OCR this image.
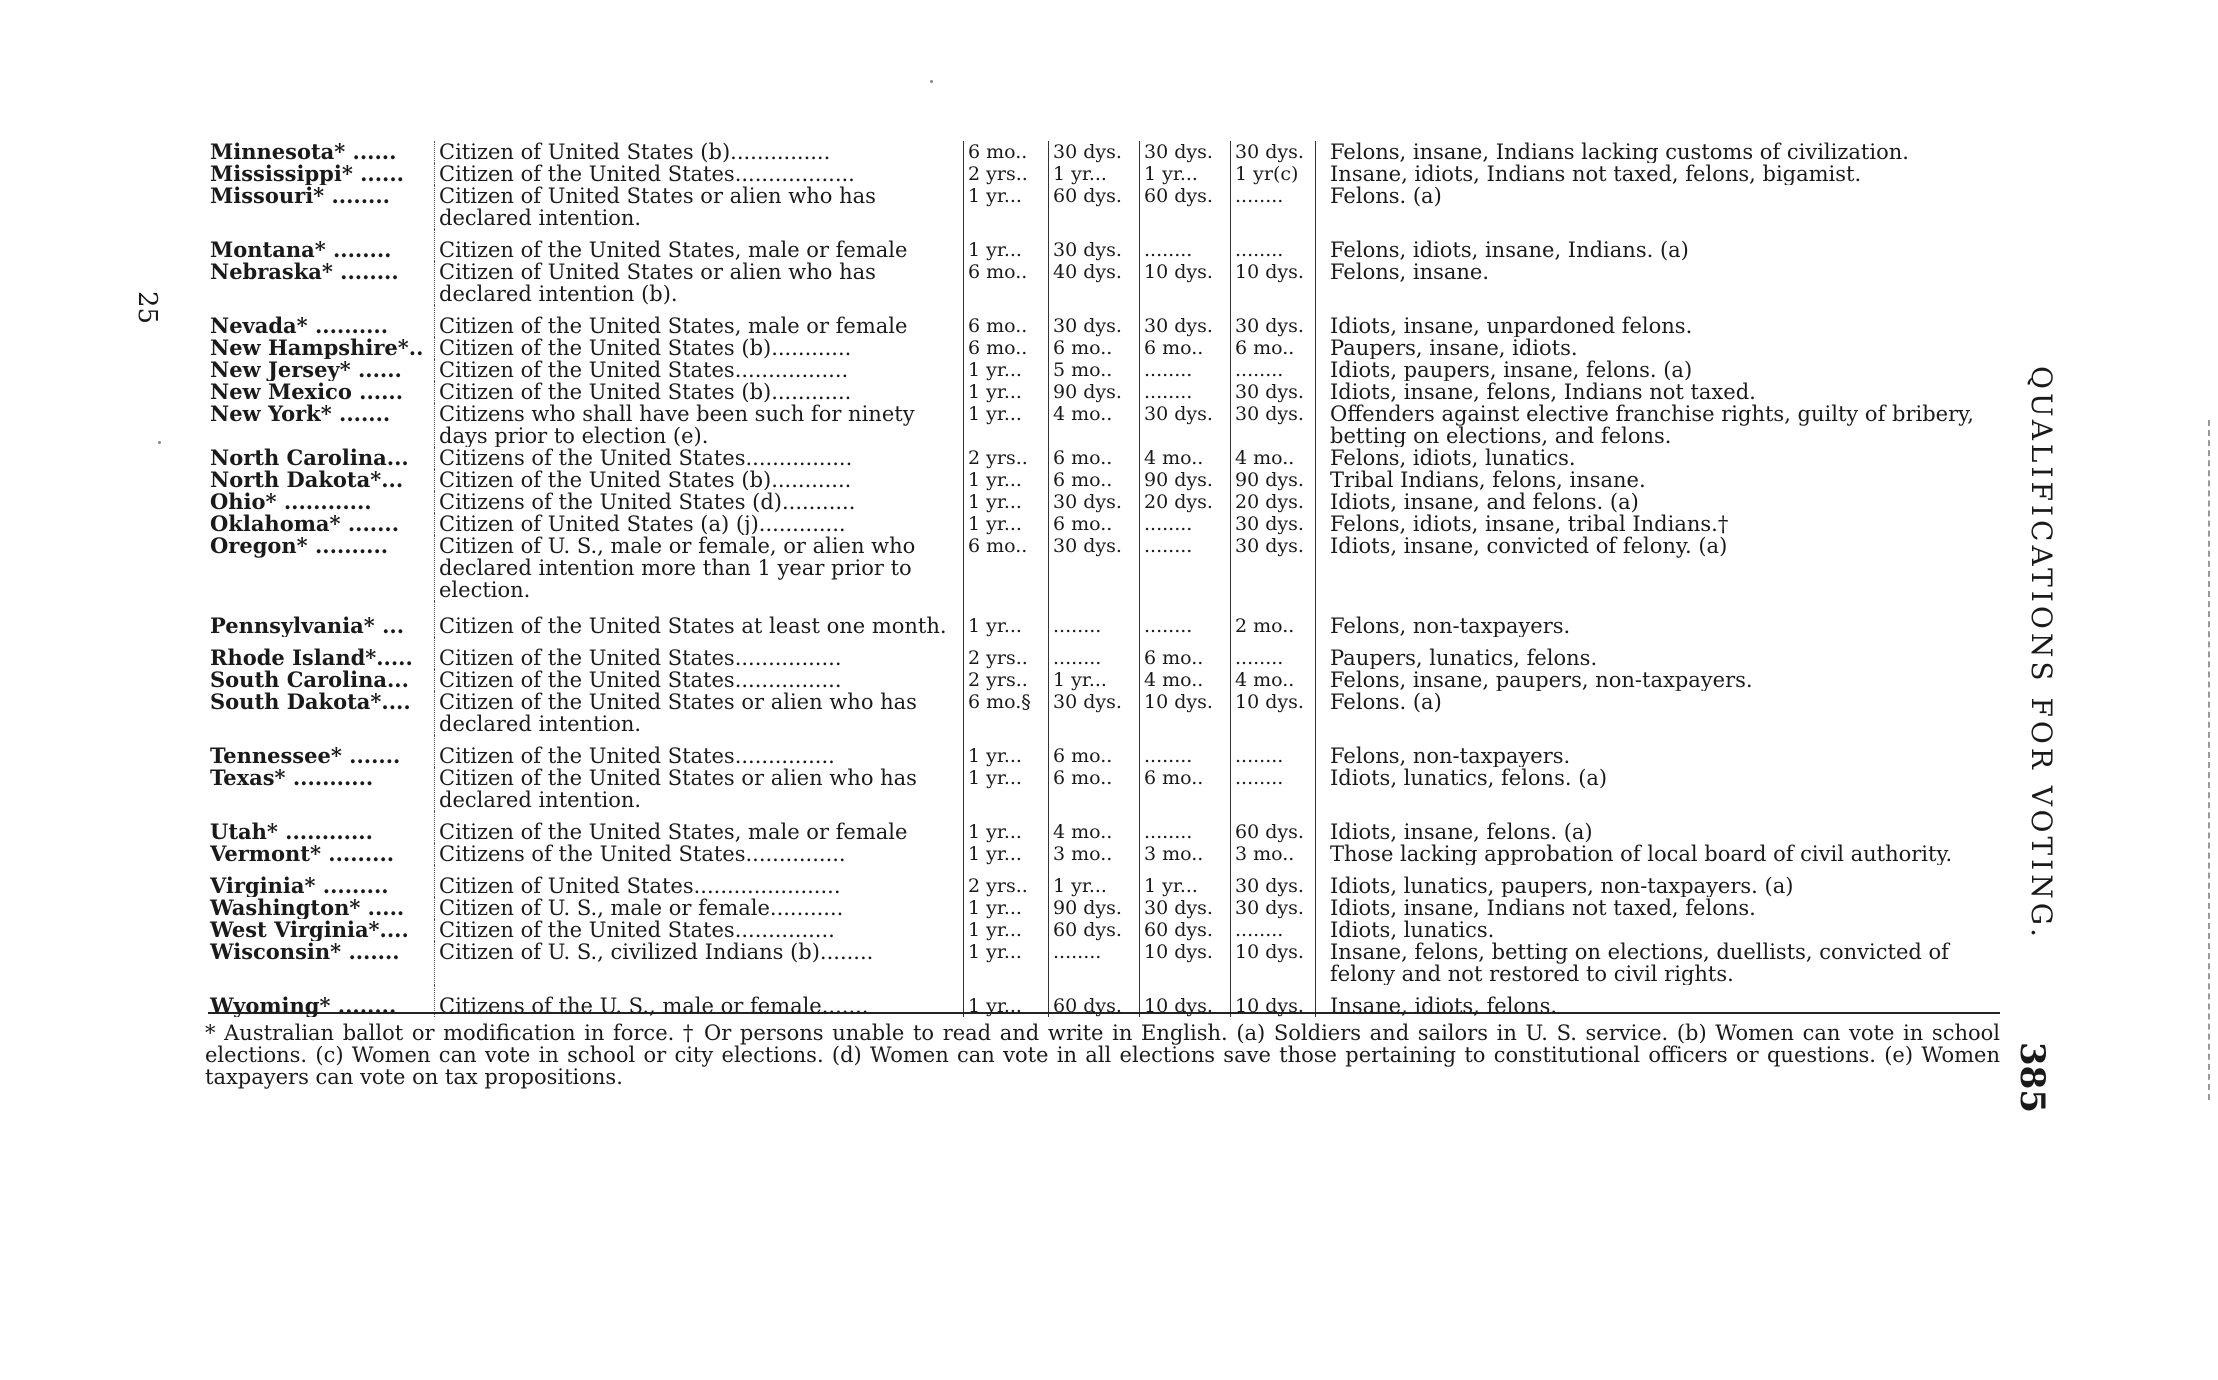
Minnesota* ......	Citizen of United States (b)...............	6 mo..	30 dys.	30 dys.	30 dys.	Felons, insane, Indians lacking customs of civilization.
Mississippi* ......	Citizen of the United States..................	2 yrs..	1 yr...	1 yr...	1 yr(c)	Insane, idiots, Indians not taxed, felons, bigamist.
Missouri* ........	Citizen of United States or alien who has declared intention.	1 yr...	60 dys.	60 dys.	........	Felons. (a)
Montana* ........	Citizen of the United States, male or female	1 yr...	30 dys.	........	........	Felons, idiots, insane, Indians. (a)
Nebraska* ........	Citizen of United States or alien who has declared intention (b).	6 mo..	40 dys.	10 dys.	10 dys.	Felons, insane.
Nevada* ..........	Citizen of the United States, male or female	6 mo..	30 dys.	30 dys.	30 dys.	Idiots, insane, unpardoned felons.
New Hampshire*..	Citizen of the United States (b)............	6 mo..	6 mo..	6 mo..	6 mo..	Paupers, insane, idiots.
New Jersey* ......	Citizen of the United States.................	1 yr...	5 mo..	........	........	Idiots, paupers, insane, felons. (a)
New Mexico ......	Citizen of the United States (b)............	1 yr...	90 dys.	........	30 dys.	Idiots, insane, felons, Indians not taxed.
New York* .......	Citizens who shall have been such for ninety days prior to election (e).	1 yr...	4 mo..	30 dys.	30 dys.	Offenders against elective franchise rights, guilty of bribery, betting on elections, and felons.
North Carolina...	Citizens of the United States................	2 yrs..	6 mo..	4 mo..	4 mo..	Felons, idiots, lunatics.
North Dakota*...	Citizen of the United States (b)............	1 yr...	6 mo..	90 dys.	90 dys.	Tribal Indians, felons, insane.
Ohio* ............	Citizens of the United States (d)...........	1 yr...	30 dys.	20 dys.	20 dys.	Idiots, insane, and felons. (a)
Oklahoma* .......	Citizen of United States (a) (j).............	1 yr...	6 mo..	........	30 dys.	Felons, idiots, insane, tribal Indians.†
Oregon* ..........	Citizen of U. S., male or female, or alien who declared intention more than 1 year prior to election.	6 mo..	30 dys.	........	30 dys.	Idiots, insane, convicted of felony. (a)
Pennsylvania* ...	Citizen of the United States at least one month.	1 yr...	........	........	2 mo..	Felons, non-taxpayers.
Rhode Island*.....	Citizen of the United States................	2 yrs..	........	6 mo..	........	Paupers, lunatics, felons.
South Carolina...	Citizen of the United States................	2 yrs..	1 yr...	4 mo..	4 mo..	Felons, insane, paupers, non-taxpayers.
South Dakota*....	Citizen of the United States or alien who has declared intention.	6 mo.§	30 dys.	10 dys.	10 dys.	Felons. (a)
Tennessee* .......	Citizen of the United States...............	1 yr...	6 mo..	........	........	Felons, non-taxpayers.
Texas* ...........	Citizen of the United States or alien who has declared intention.	1 yr...	6 mo..	6 mo..	........	Idiots, lunatics, felons. (a)
Utah* ............	Citizen of the United States, male or female	1 yr...	4 mo..	........	60 dys.	Idiots, insane, felons. (a)
Vermont* .........	Citizens of the United States...............	1 yr...	3 mo..	3 mo..	3 mo..	Those lacking approbation of local board of civil authority.
Virginia* .........	Citizen of United States......................	2 yrs..	1 yr...	1 yr...	30 dys.	Idiots, lunatics, paupers, non-taxpayers. (a)
Washington* .....	Citizen of U. S., male or female...........	1 yr...	90 dys.	30 dys.	30 dys.	Idiots, insane, Indians not taxed, felons.
West Virginia*....	Citizen of the United States...............	1 yr...	60 dys.	60 dys.	........	Idiots, lunatics.
Wisconsin* .......	Citizen of U. S., civilized Indians (b)........	1 yr...	........	10 dys.	10 dys.	Insane, felons, betting on elections, duellists, convicted of felony and not restored to civil rights.
Wyoming* ........	Citizens of the U. S., male or female.......	1 yr...	60 dys.	10 dys.	10 dys.	Insane, idiots, felons.

* Australian ballot or modification in force. † Or persons unable to read and write in English. (a) Soldiers and sailors in U. S. service. (b) Women can vote in school elections. (c) Women can vote in school or city elections. (d) Women can vote in all elections save those pertaining to constitutional officers or questions. (e) Women taxpayers can vote on tax propositions.

QUALIFICATIONS FOR VOTING.
385
25
